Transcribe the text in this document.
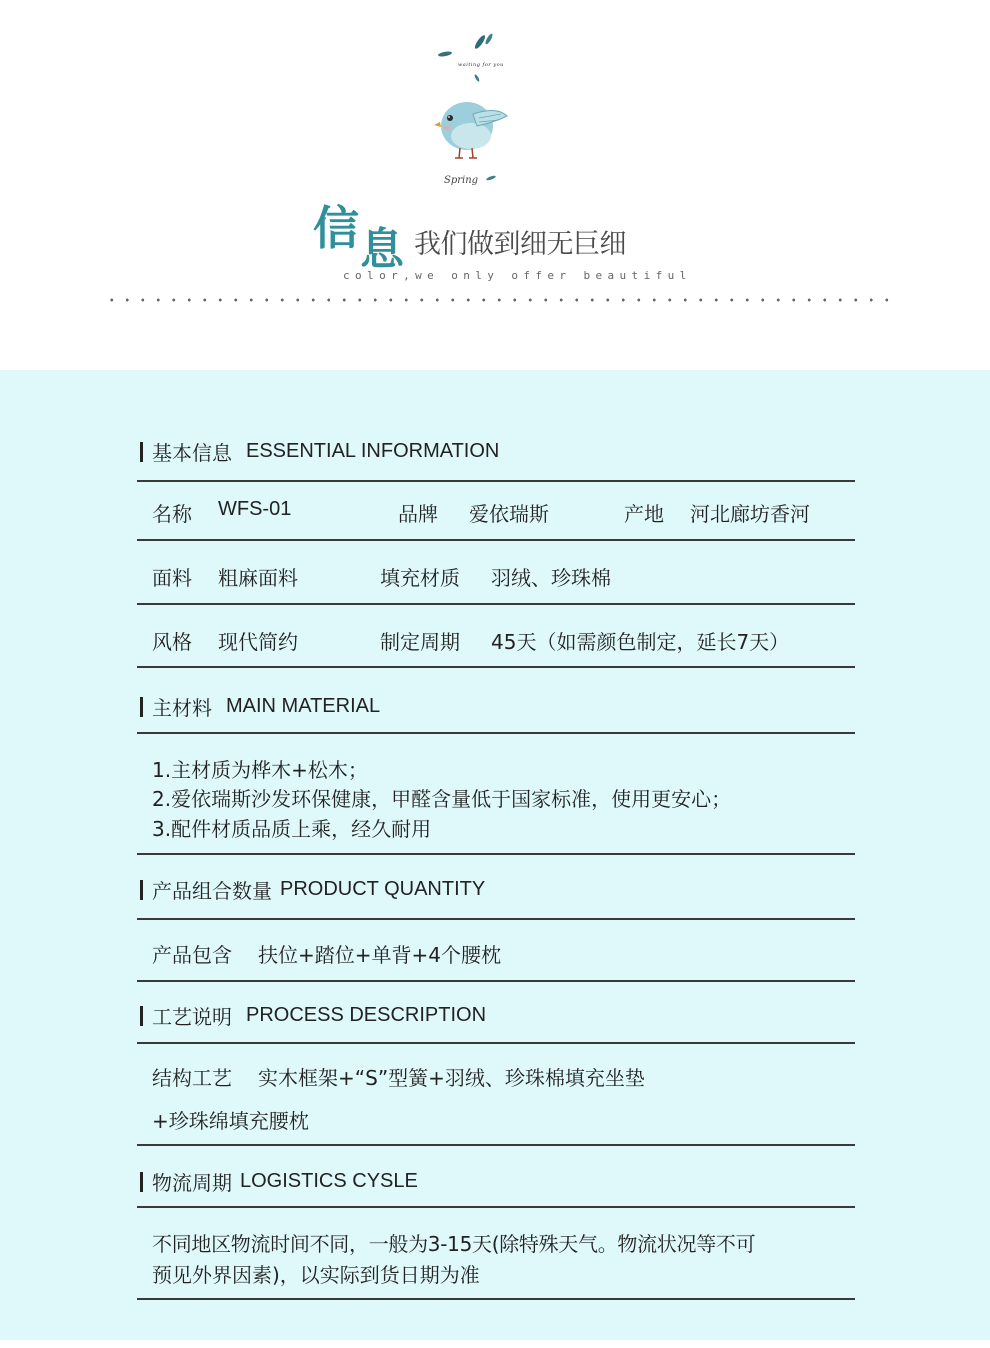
waiting for you
Spring
信 息 我们做到细无巨细
color,we only offer beautiful
基本信息 ESSENTIAL INFORMATION
名称 WFS-01	品牌 爱依瑞斯	产地 河北廊坊香河
面料 粗麻面料	填充材质 羽绒、珍珠棉
风格 现代简约	制定周期 45天（如需颜色制定，延长7天）
主材料 MAIN MATERIAL
1.主材质为桦木+松木；
2.爱依瑞斯沙发环保健康，甲醛含量低于国家标准，使用更安心；
3.配件材质品质上乘，经久耐用
产品组合数量 PRODUCT QUANTITY
产品包含 扶位+踏位+单背+4个腰枕
工艺说明 PROCESS DESCRIPTION
结构工艺 实木框架+“S”型簧+羽绒、珍珠棉填充坐垫
+珍珠绵填充腰枕
物流周期 LOGISTICS CYSLE
不同地区物流时间不同，一般为3-15天(除特殊天气。物流状况等不可
预见外界因素)，以实际到货日期为准
